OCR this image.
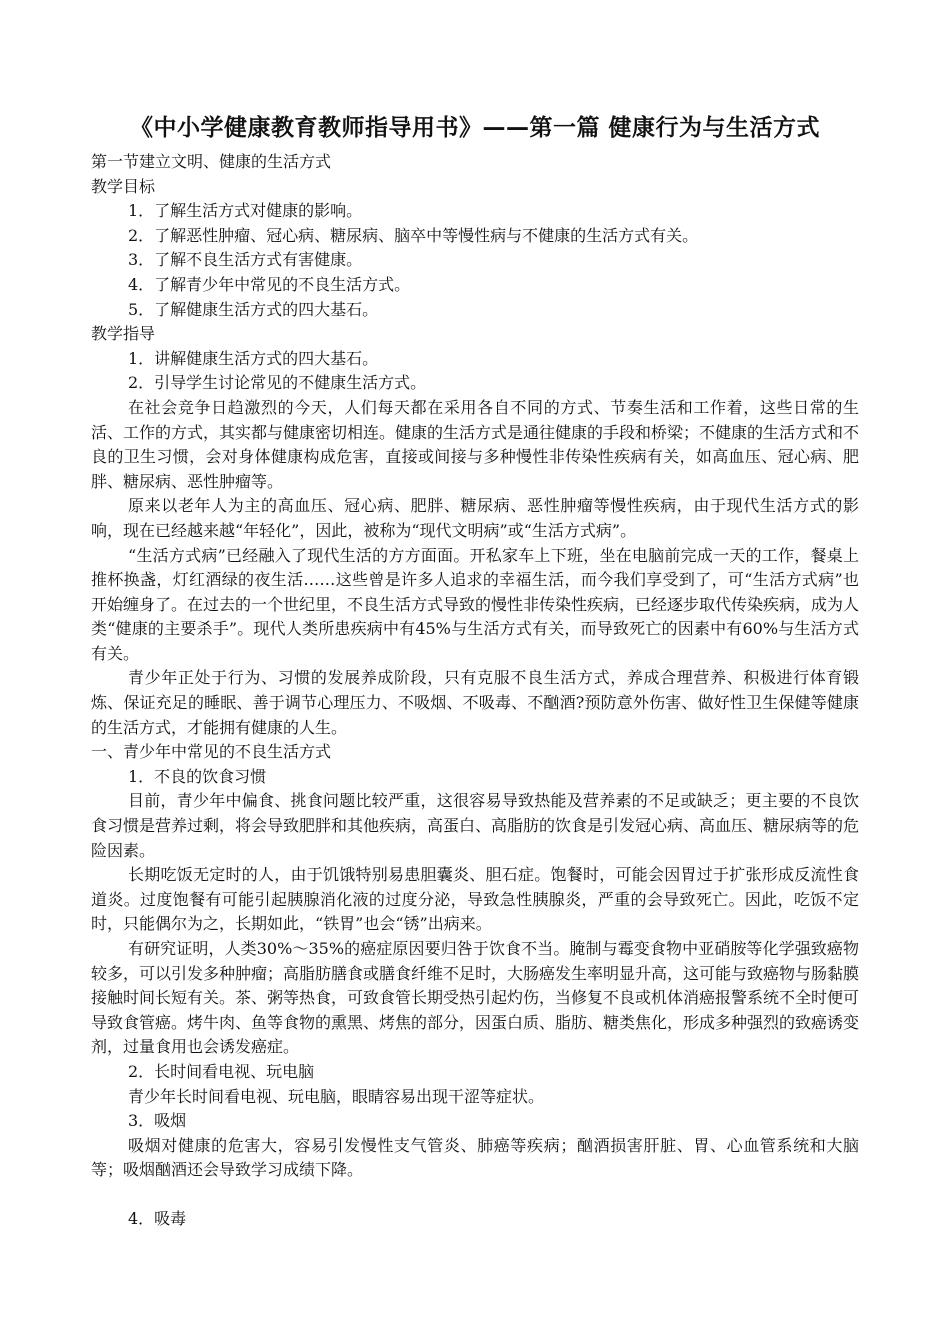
《中小学健康教育教师指导用书》——第一篇 健康行为与生活方式

第一节建立文明、健康的生活方式

教学目标

1．了解生活方式对健康的影响。

2．了解恶性肿瘤、冠心病、糖尿病、脑卒中等慢性病与不健康的生活方式有关。

3．了解不良生活方式有害健康。

4．了解青少年中常见的不良生活方式。

5．了解健康生活方式的四大基石。

教学指导

1．讲解健康生活方式的四大基石。

2．引导学生讨论常见的不健康生活方式。

在社会竞争日趋激烈的今天，人们每天都在采用各自不同的方式、节奏生活和工作着，这些日常的生活、工作的方式，其实都与健康密切相连。健康的生活方式是通往健康的手段和桥梁；不健康的生活方式和不良的卫生习惯，会对身体健康构成危害，直接或间接与多种慢性非传染性疾病有关，如高血压、冠心病、肥胖、糖尿病、恶性肿瘤等。

原来以老年人为主的高血压、冠心病、肥胖、糖尿病、恶性肿瘤等慢性疾病，由于现代生活方式的影响，现在已经越来越“年轻化”，因此，被称为“现代文明病”或“生活方式病”。

“生活方式病”已经融入了现代生活的方方面面。开私家车上下班，坐在电脑前完成一天的工作，餐桌上推杯换盏，灯红酒绿的夜生活……这些曾是许多人追求的幸福生活，而今我们享受到了，可“生活方式病”也开始缠身了。在过去的一个世纪里，不良生活方式导致的慢性非传染性疾病，已经逐步取代传染疾病，成为人类“健康的主要杀手”。现代人类所患疾病中有45%与生活方式有关，而导致死亡的因素中有60%与生活方式有关。

青少年正处于行为、习惯的发展养成阶段，只有克服不良生活方式，养成合理营养、积极进行体育锻炼、保证充足的睡眠、善于调节心理压力、不吸烟、不吸毒、不酗酒?预防意外伤害、做好性卫生保健等健康的生活方式，才能拥有健康的人生。

一、青少年中常见的不良生活方式

1．不良的饮食习惯

目前，青少年中偏食、挑食问题比较严重，这很容易导致热能及营养素的不足或缺乏；更主要的不良饮食习惯是营养过剩，将会导致肥胖和其他疾病，高蛋白、高脂肪的饮食是引发冠心病、高血压、糖尿病等的危险因素。

长期吃饭无定时的人，由于饥饿特别易患胆囊炎、胆石症。饱餐时，可能会因胃过于扩张形成反流性食道炎。过度饱餐有可能引起胰腺消化液的过度分泌，导致急性胰腺炎，严重的会导致死亡。因此，吃饭不定时，只能偶尔为之，长期如此，“铁胃”也会“锈”出病来。

有研究证明，人类30%～35%的癌症原因要归咎于饮食不当。腌制与霉变食物中亚硝胺等化学强致癌物较多，可以引发多种肿瘤；高脂肪膳食或膳食纤维不足时，大肠癌发生率明显升高，这可能与致癌物与肠黏膜接触时间长短有关。茶、粥等热食，可致食管长期受热引起灼伤，当修复不良或机体消癌报警系统不全时便可导致食管癌。烤牛肉、鱼等食物的熏黑、烤焦的部分，因蛋白质、脂肪、糖类焦化，形成多种强烈的致癌诱变剂，过量食用也会诱发癌症。

2．长时间看电视、玩电脑

青少年长时间看电视、玩电脑，眼睛容易出现干涩等症状。

3．吸烟

吸烟对健康的危害大，容易引发慢性支气管炎、肺癌等疾病；酗酒损害肝脏、胃、心血管系统和大脑等；吸烟酗酒还会导致学习成绩下降。

4．吸毒
